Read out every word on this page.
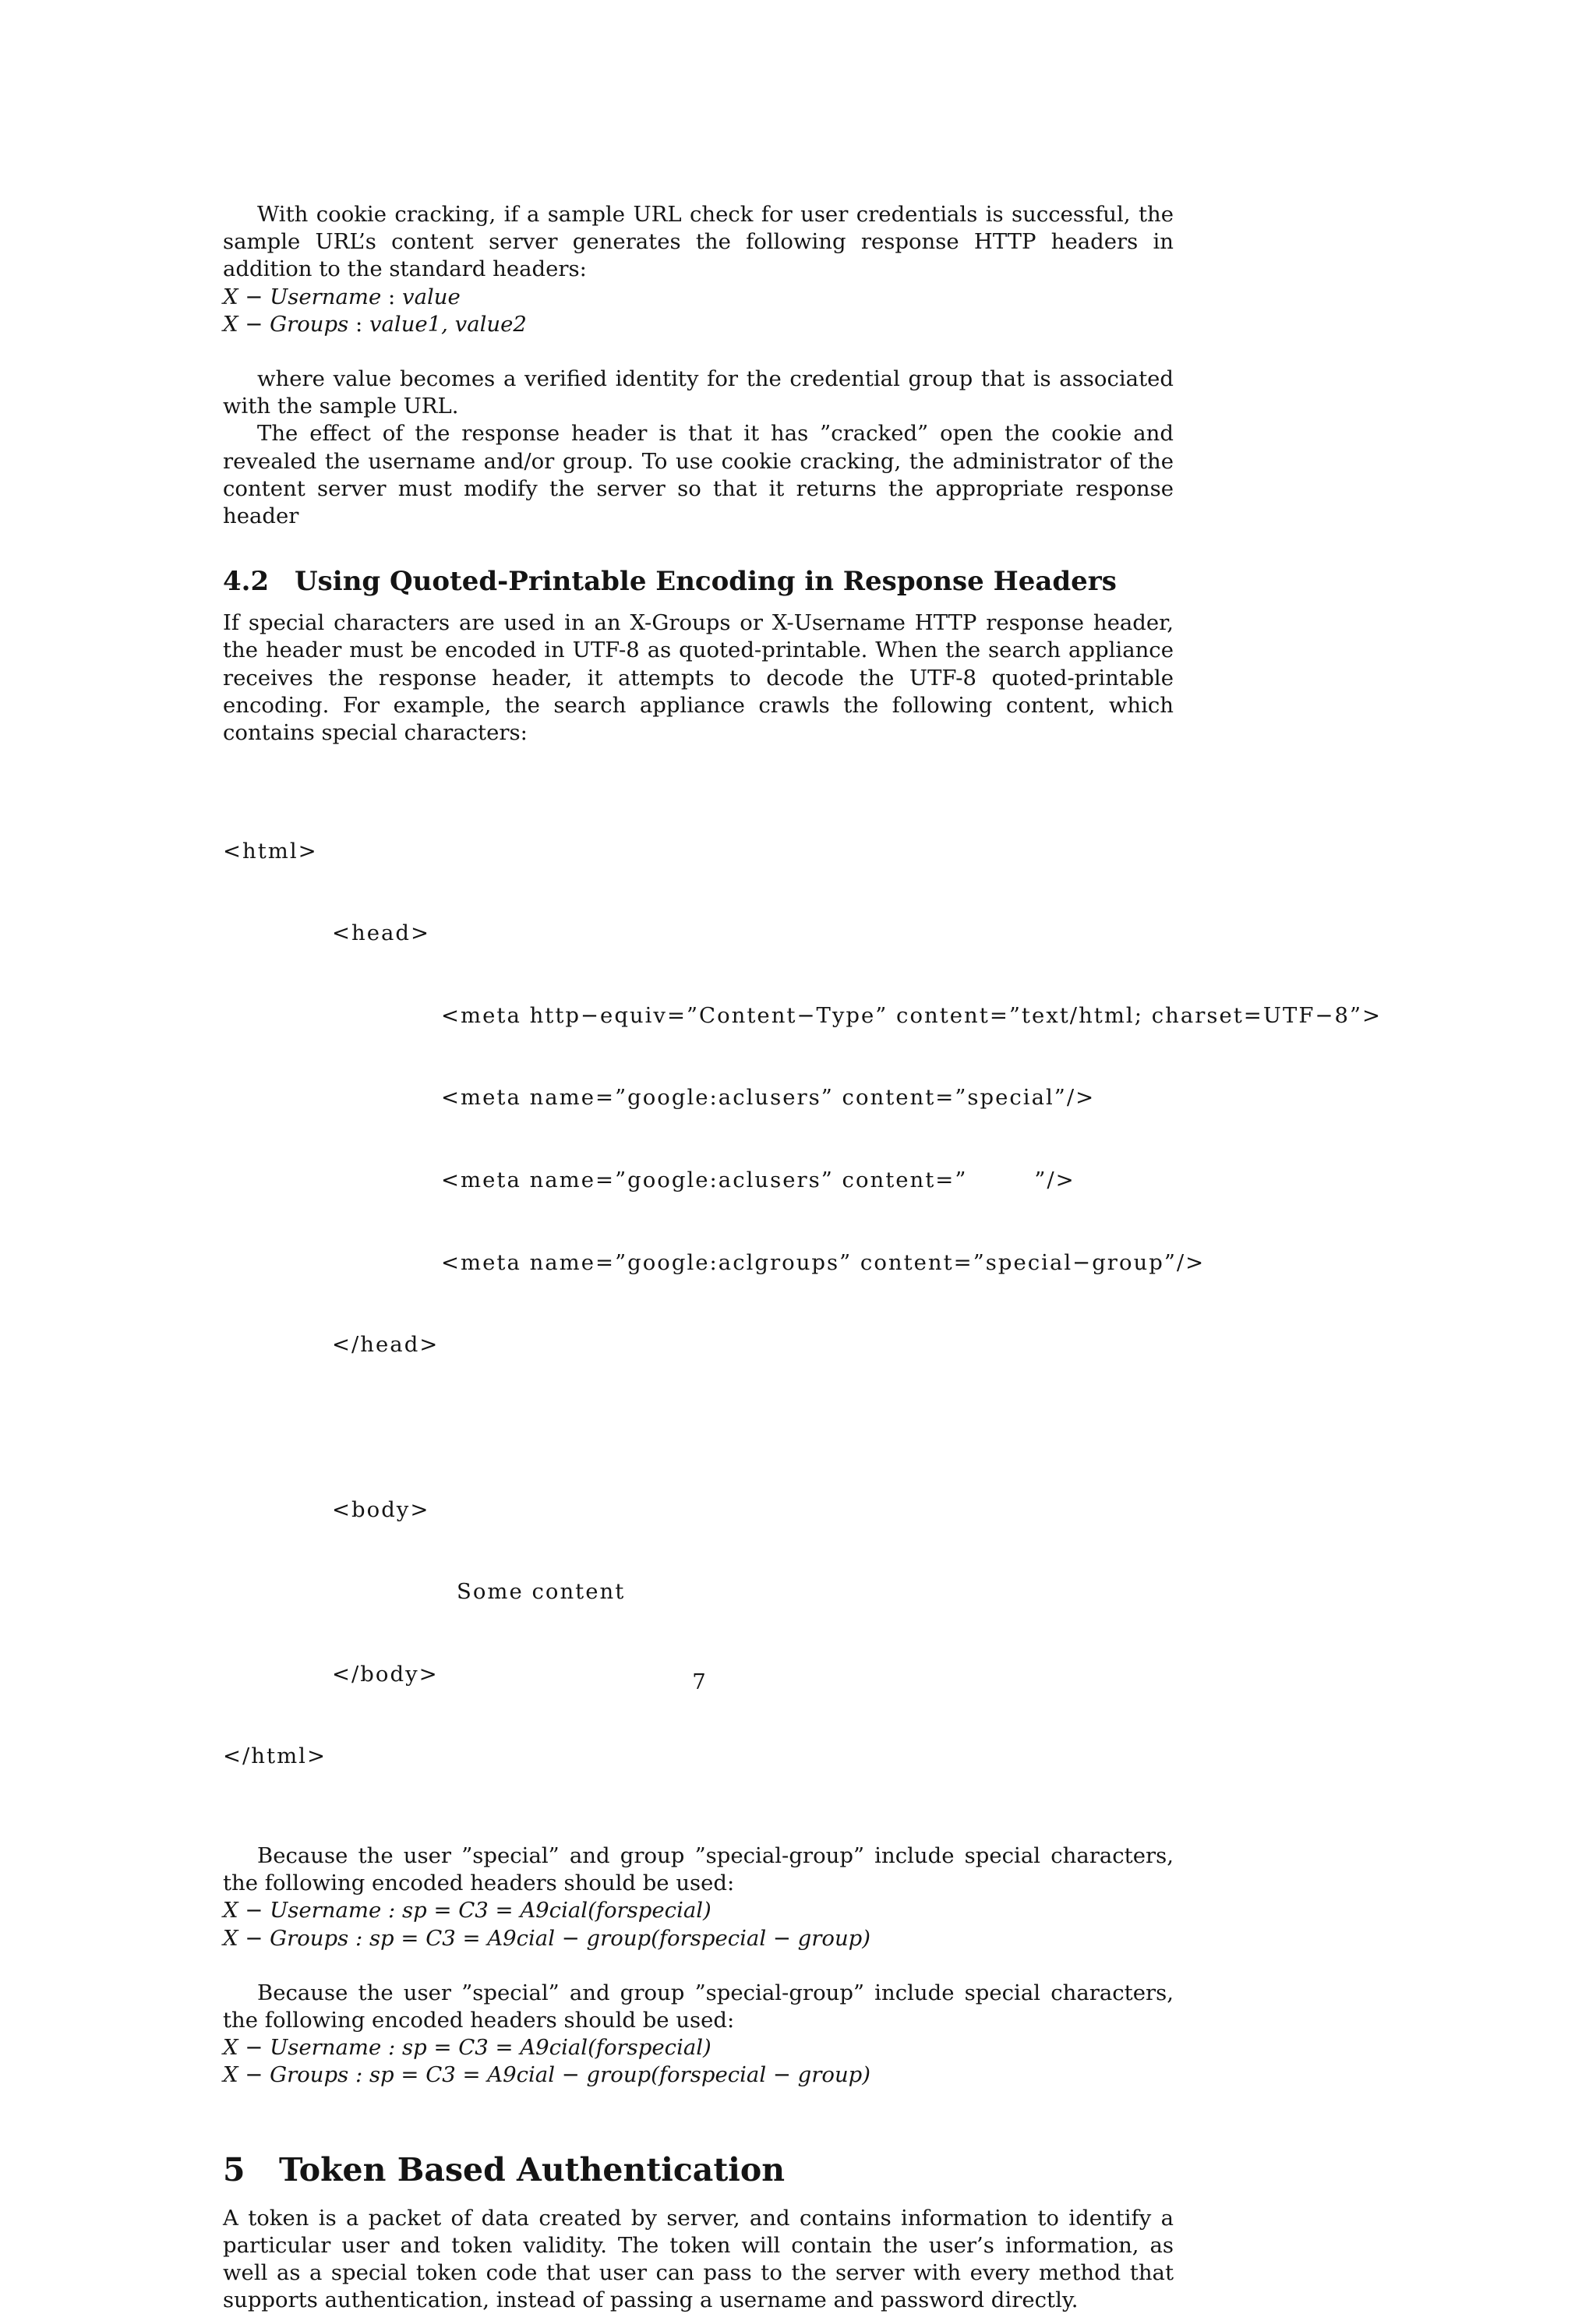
With cookie cracking, if a sample URL check for user credentials is successful, the sample URL’s content server generates the following response HTTP headers in addition to the standard headers:

X − Username : value

X − Groups : value1, value2

where value becomes a verified identity for the credential group that is associated with the sample URL.

The effect of the response header is that it has ”cracked” open the cookie and revealed the username and/or group. To use cookie cracking, the administrator of the content server must modify the server so that it returns the appropriate response header

4.2 Using Quoted-Printable Encoding in Response Headers

If special characters are used in an X-Groups or X-Username HTTP response header, the header must be encoded in UTF-8 as quoted-printable. When the search appliance receives the response header, it attempts to decode the UTF-8 quoted-printable encoding. For example, the search appliance crawls the following content, which contains special characters:

<html>

<head>

<meta http−equiv=”Content−Type” content=”text/html; charset=UTF−8”>

<meta name=”google:aclusers” content=”special”/>

<meta name=”google:aclusers” content=”        ”/>

<meta name=”google:aclgroups” content=”special−group”/>

</head>

<body>

Some content

</body>

</html>

Because the user ”special” and group ”special-group” include special characters, the following encoded headers should be used:

X − Username : sp = C3 = A9cial(forspecial)

X − Groups : sp = C3 = A9cial − group(forspecial − group)

Because the user ”special” and group ”special-group” include special characters, the following encoded headers should be used:

X − Username : sp = C3 = A9cial(forspecial)

X − Groups : sp = C3 = A9cial − group(forspecial − group)

5 Token Based Authentication

A token is a packet of data created by server, and contains information to identify a particular user and token validity. The token will contain the user’s information, as well as a special token code that user can pass to the server with every method that supports authentication, instead of passing a username and password directly.

7
